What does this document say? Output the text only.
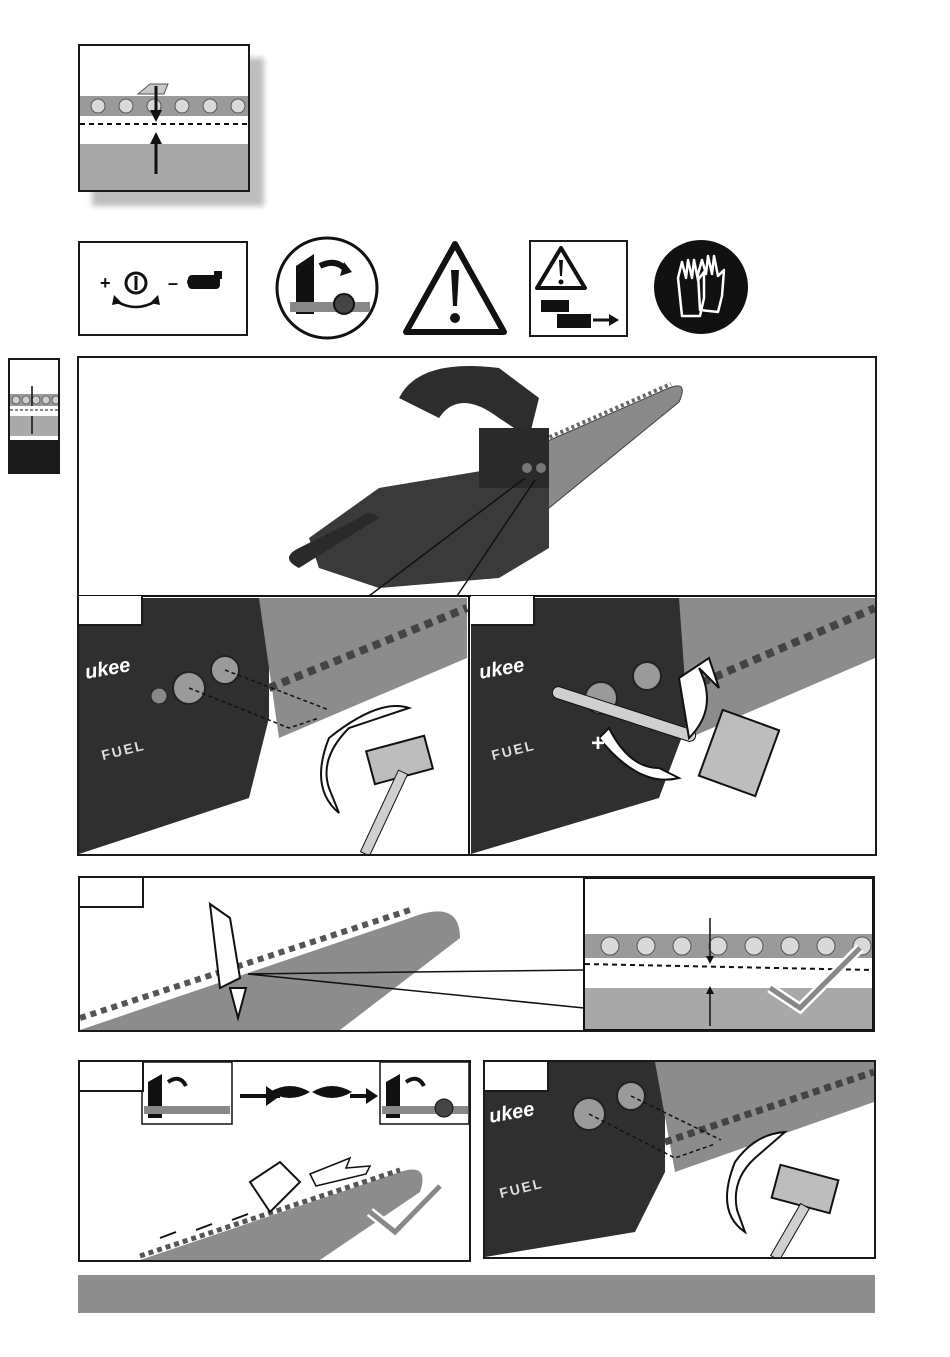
+	–
ukee
FUEL
ukee
FUEL +
-
ukee
FUEL
